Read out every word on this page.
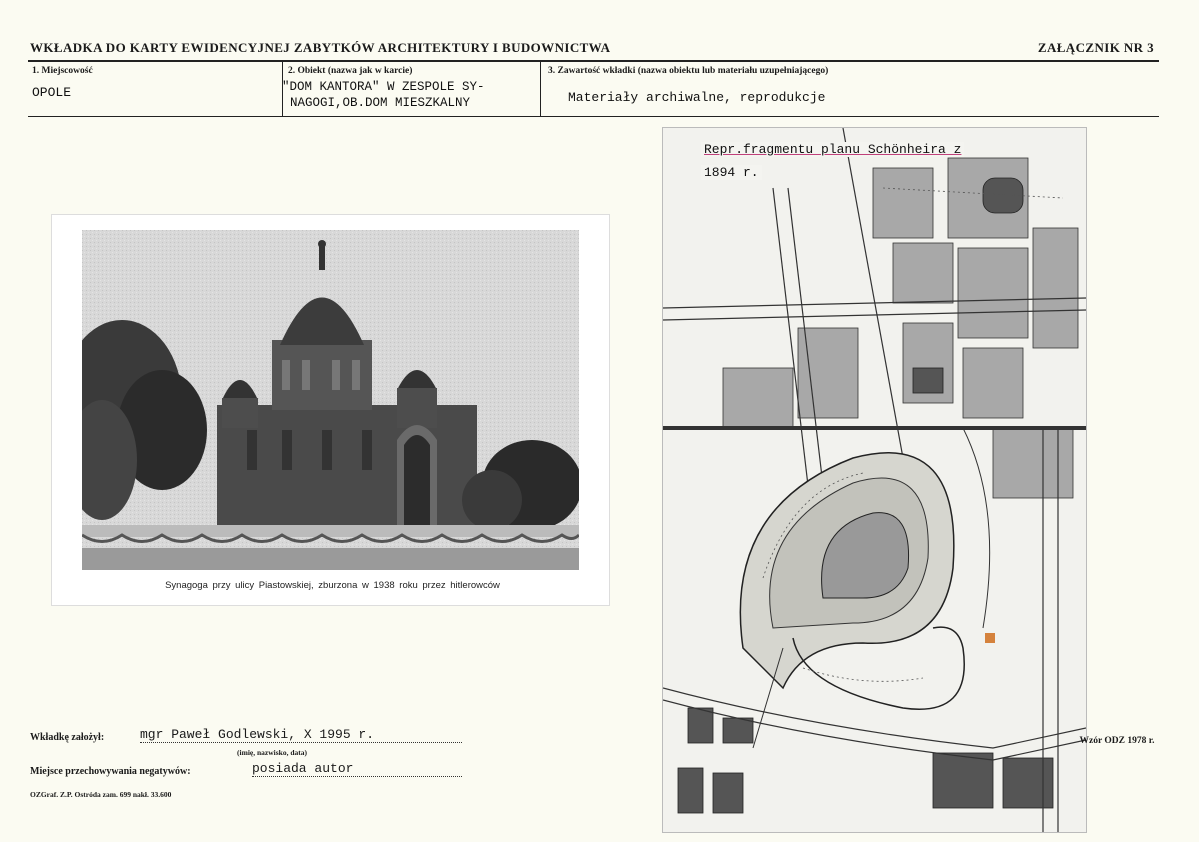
WKŁADKA DO KARTY EWIDENCYJNEJ ZABYTKÓW ARCHITEKTURY I BUDOWNICTWA	ZAŁĄCZNIK NR 3
1. Miejscowość
OPOLE
2. Obiekt (nazwa jak w karcie)
"DOM KANTORA" W ZESPOLE SY-
NAGOGI,OB.DOM MIESZKALNY
3. Zawartość wkładki (nazwa obiektu lub materiału uzupełniającego)
Materiały archiwalne, reprodukcje
Synagoga przy ulicy Piastowskiej, zburzona w 1938 roku przez hitlerowców
Repr.fragmentu planu Schönheira z
1894 r.
Wzór ODZ 1978 r.
Wkładkę założył:	mgr Paweł Godlewski, X 1995 r.
(imię, nazwisko, data)
Miejsce przechowywania negatywów:	posiada autor
OZGraf. Z.P. Ostróda zam. 699 nakł. 33.600
